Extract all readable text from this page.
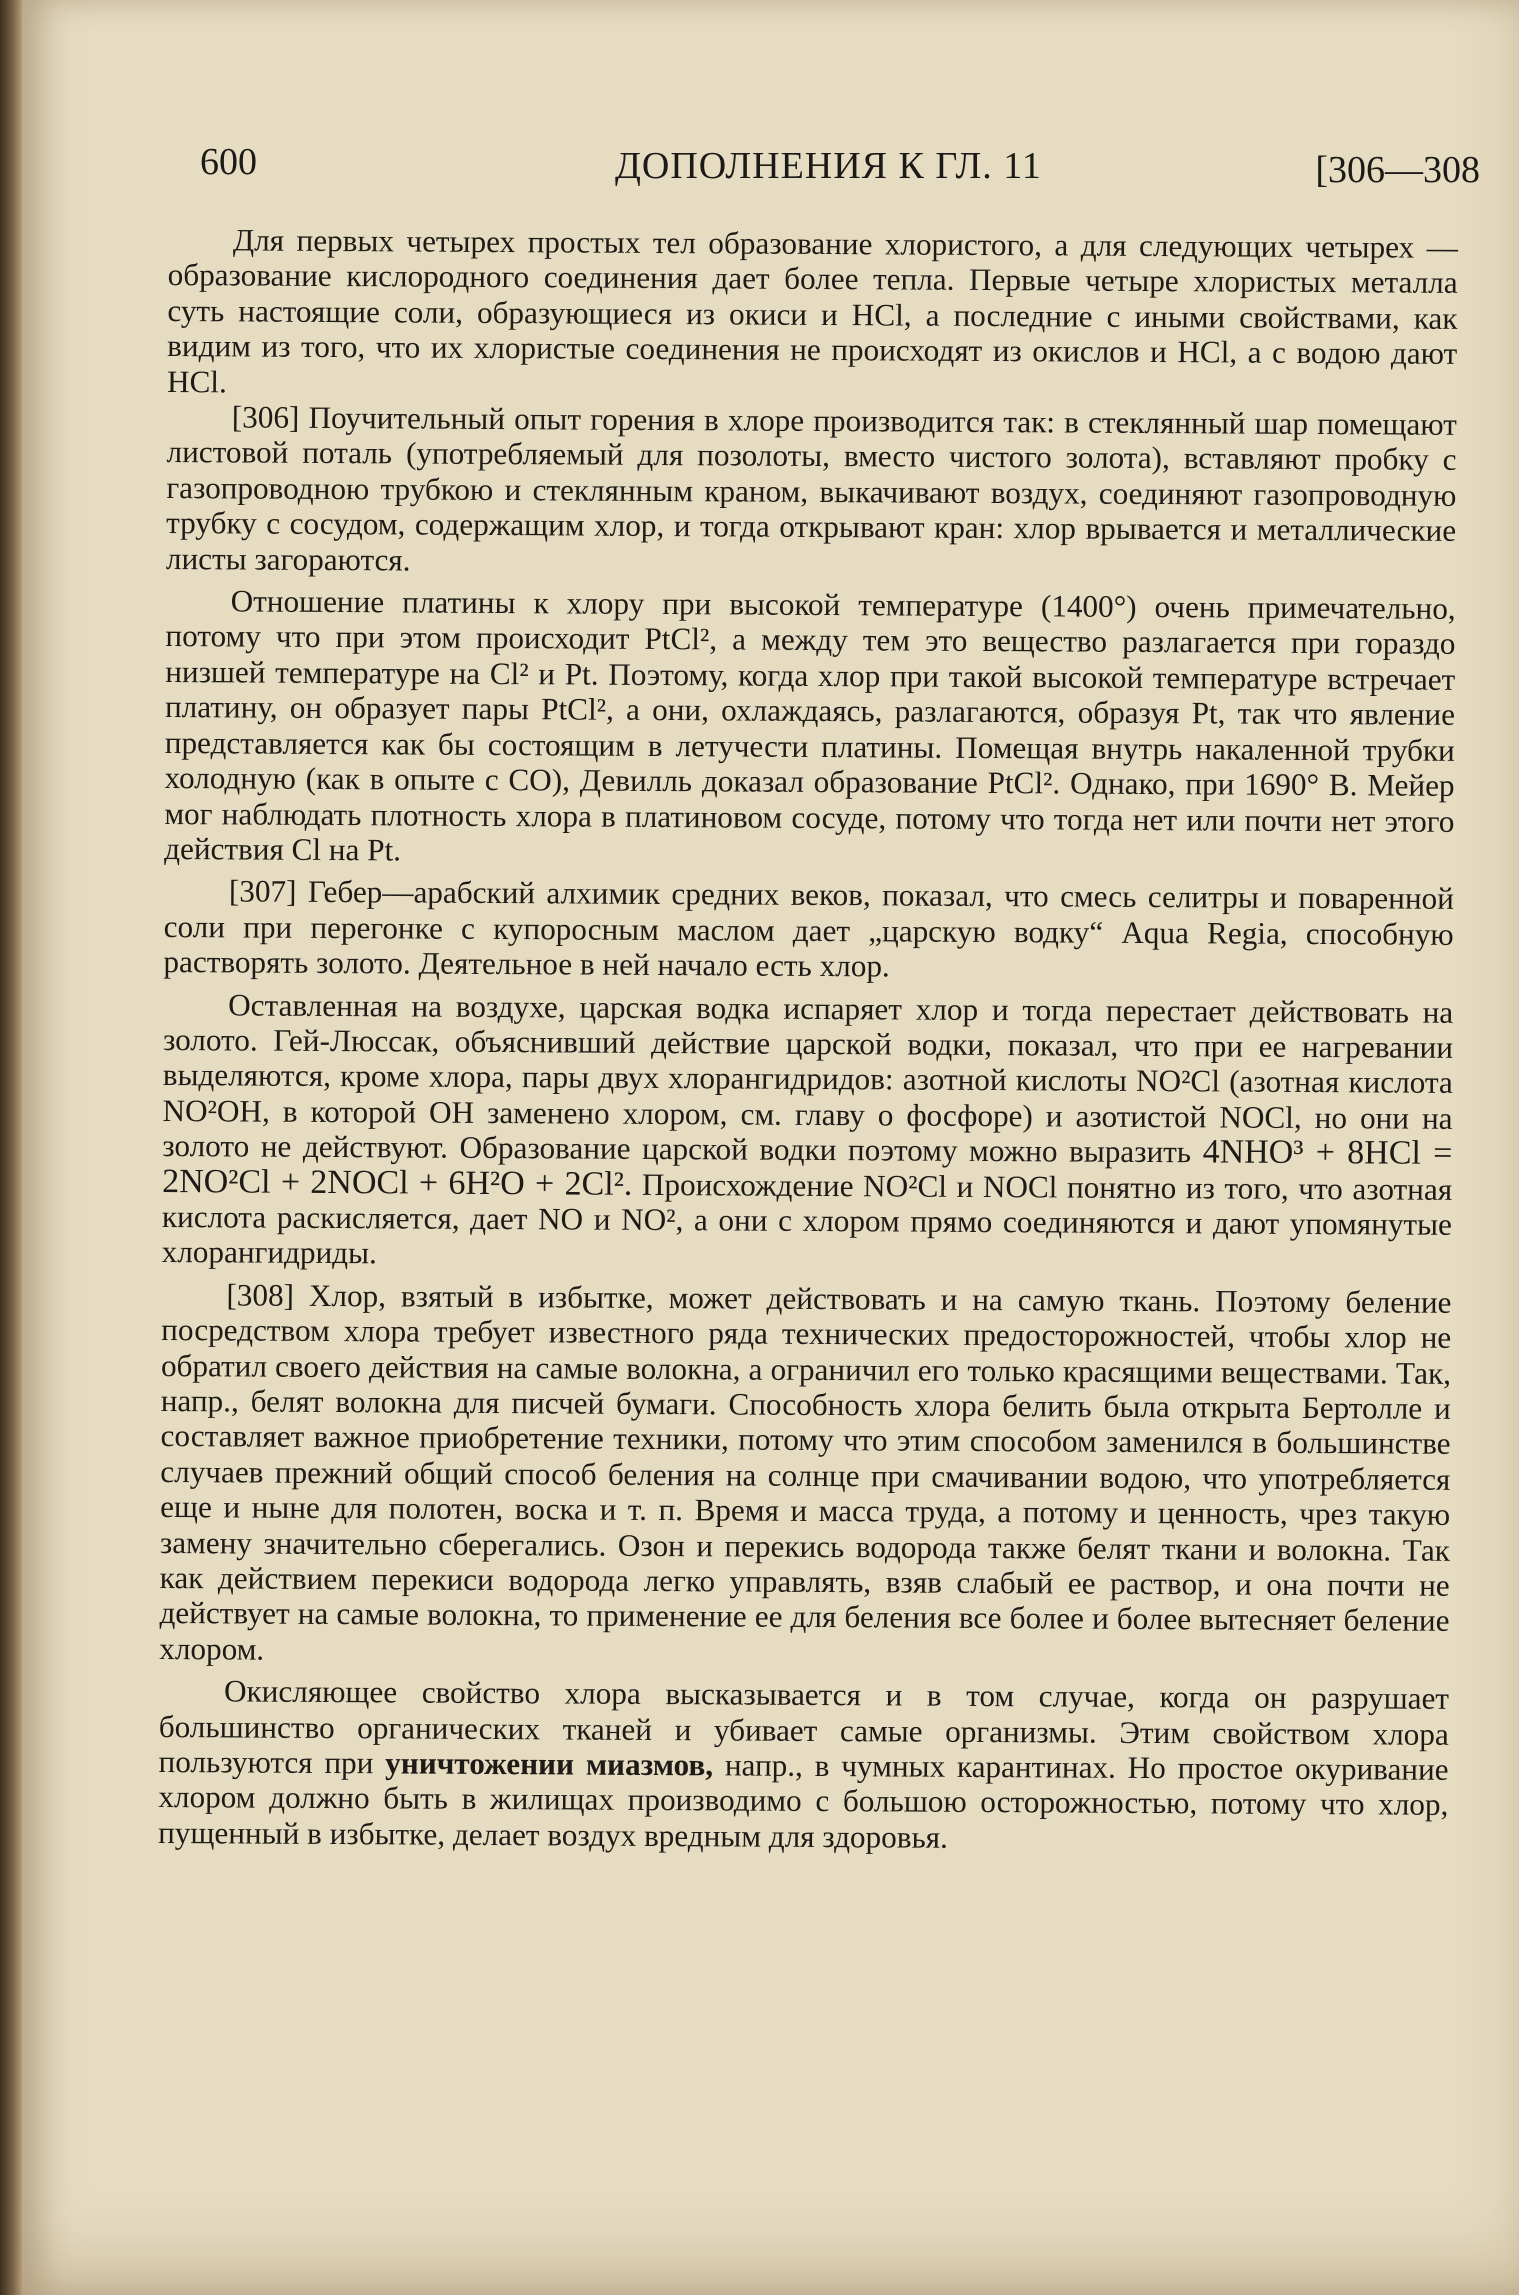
600	ДОПОЛНЕНИЯ К ГЛ. 11	[306—308

Для первых четырех простых тел образование хлористого, а для следующих четырех — образование кислородного соединения дает более тепла. Первые четыре хлористых металла суть настоящие соли, образующиеся из окиси и HCl, а последние с иными свойствами, как видим из того, что их хлористые соединения не происходят из окислов и HCl, а с водою дают HCl.

[306] Поучительный опыт горения в хлоре производится так: в стеклянный шар помещают листовой поталь (употребляемый для позолоты, вместо чистого золота), вставляют пробку с газопроводною трубкою и стеклянным краном, выкачивают воздух, соединяют газопроводную трубку с сосудом, содержащим хлор, и тогда открывают кран: хлор врывается и металлические листы загораются.

Отношение платины к хлору при высокой температуре (1400°) очень примечательно, потому что при этом происходит PtCl², а между тем это вещество разлагается при гораздо низшей температуре на Cl² и Pt. Поэтому, когда хлор при такой высокой температуре встречает платину, он образует пары PtCl², а они, охлаждаясь, разлагаются, образуя Pt, так что явление представляется как бы состоящим в летучести платины. Помещая внутрь накаленной трубки холодную (как в опыте с CO), Девилль доказал образование PtCl². Однако, при 1690° В. Мейер мог наблюдать плотность хлора в платиновом сосуде, потому что тогда нет или почти нет этого действия Cl на Pt.

[307] Гебер—арабский алхимик средних веков, показал, что смесь селитры и поваренной соли при перегонке с купоросным маслом дает „царскую водку“ Aqua Regia, способную растворять золото. Деятельное в ней начало есть хлор.

Оставленная на воздухе, царская водка испаряет хлор и тогда перестает действовать на золото. Гей-Люссак, объяснивший действие царской водки, показал, что при ее нагревании выделяются, кроме хлора, пары двух хлорангидридов: азотной кислоты NO²Cl (азотная кислота NO²OH, в которой OH заменено хлором, см. главу о фосфоре) и азотистой NOCl, но они на золото не действуют. Образование царской водки поэтому можно выразить 4NHO³ + 8HCl = 2NO²Cl + 2NOCl + 6H²O + 2Cl². Происхождение NO²Cl и NOCl понятно из того, что азотная кислота раскисляется, дает NO и NO², а они с хлором прямо соединяются и дают упомянутые хлорангидриды.

[308] Хлор, взятый в избытке, может действовать и на самую ткань. Поэтому беление посредством хлора требует известного ряда технических предосторожностей, чтобы хлор не обратил своего действия на самые волокна, а ограничил его только красящими веществами. Так, напр., белят волокна для писчей бумаги. Способность хлора белить была открыта Бертолле и составляет важное приобретение техники, потому что этим способом заменился в большинстве случаев прежний общий способ беления на солнце при смачивании водою, что употребляется еще и ныне для полотен, воска и т. п. Время и масса труда, а потому и ценность, чрез такую замену значительно сберегались. Озон и перекись водорода также белят ткани и волокна. Так как действием перекиси водорода легко управлять, взяв слабый ее раствор, и она почти не действует на самые волокна, то применение ее для беления все более и более вытесняет беление хлором.

Окисляющее свойство хлора высказывается и в том случае, когда он разрушает большинство органических тканей и убивает самые организмы. Этим свойством хлора пользуются при уничтожении миазмов, напр., в чумных карантинах. Но простое окуривание хлором должно быть в жилищах производимо с большою осторожностью, потому что хлор, пущенный в избытке, делает воздух вредным для здоровья.
